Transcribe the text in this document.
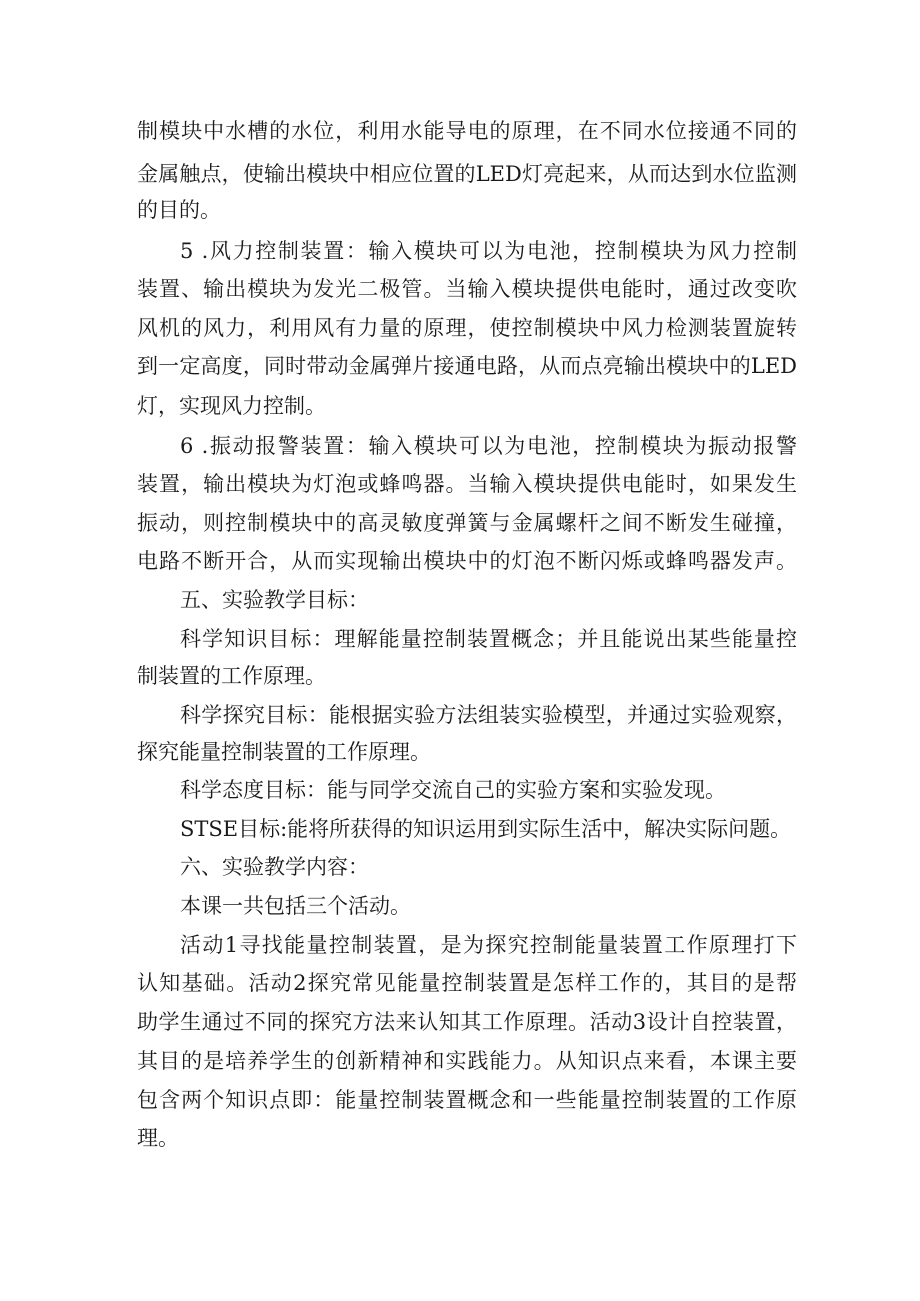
制模块中水槽的水位，利用水能导电的原理，在不同水位接通不同的
金属触点，使输出模块中相应位置的LED灯亮起来，从而达到水位监测
的目的。
5 .风力控制装置：输入模块可以为电池，控制模块为风力控制
装置、输出模块为发光二极管。当输入模块提供电能时，通过改变吹
风机的风力，利用风有力量的原理，使控制模块中风力检测装置旋转
到一定高度，同时带动金属弹片接通电路，从而点亮输出模块中的LED
灯，实现风力控制。
6 .振动报警装置：输入模块可以为电池，控制模块为振动报警
装置，输出模块为灯泡或蜂鸣器。当输入模块提供电能时，如果发生
振动，则控制模块中的高灵敏度弹簧与金属螺杆之间不断发生碰撞，
电路不断开合，从而实现输出模块中的灯泡不断闪烁或蜂鸣器发声。
五、实验教学目标：
科学知识目标：理解能量控制装置概念；并且能说出某些能量控
制装置的工作原理。
科学探究目标：能根据实验方法组装实验模型，并通过实验观察，
探究能量控制装置的工作原理。
科学态度目标：能与同学交流自己的实验方案和实验发现。
STSE目标:能将所获得的知识运用到实际生活中，解决实际问题。
六、实验教学内容：
本课一共包括三个活动。
活动1寻找能量控制装置，是为探究控制能量装置工作原理打下
认知基础。活动2探究常见能量控制装置是怎样工作的，其目的是帮
助学生通过不同的探究方法来认知其工作原理。活动3设计自控装置，
其目的是培养学生的创新精神和实践能力。从知识点来看，本课主要
包含两个知识点即：能量控制装置概念和一些能量控制装置的工作原
理。
